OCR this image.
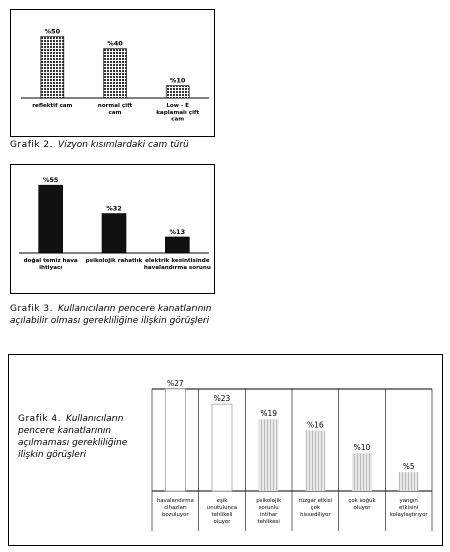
%50
reflektif cam
%40
normal çift cam
%10
Low - E kaplamalı çift cam
Grafik 2. Vizyon kısımlardaki cam türü
%55
doğal temiz hava ihtiyacı
%32
psikolojik rahatlık
%13
elektrik kesintisinde havalandırma sorunu
Grafik 3. Kullanıcıların pencere kanatlarının açılabilir olması gerekliliğine ilişkin görüşleri
%27
havalandırma cihazları bozuluyor
%23
eşik unutulunca tehlikeli oluyor
%19
psikolojik sorunlu intihar tehlikesi
%16
rüzgar etkisi çok hissediliyor
%10
çok soğuk oluyor
%5
yangın etkisini kolaylaştırıyor
Grafik 4. Kullanıcıların pencere kanatlarının açılmaması gerekliliğine ilişkin görüşleri
